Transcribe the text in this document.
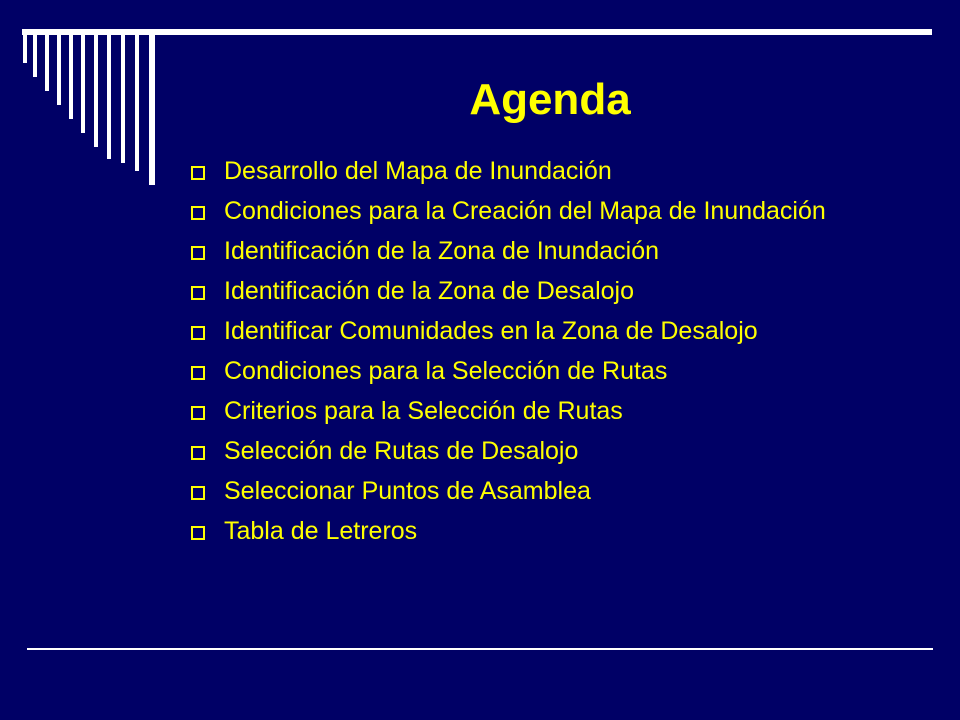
Agenda
Desarrollo del Mapa de Inundación
Condiciones para la Creación del Mapa de Inundación
Identificación de la Zona de Inundación
Identificación de la Zona de Desalojo
Identificar Comunidades en la Zona de Desalojo
Condiciones para la Selección de Rutas
Criterios para la Selección de Rutas
Selección de Rutas de Desalojo
Seleccionar Puntos de Asamblea
Tabla de Letreros
